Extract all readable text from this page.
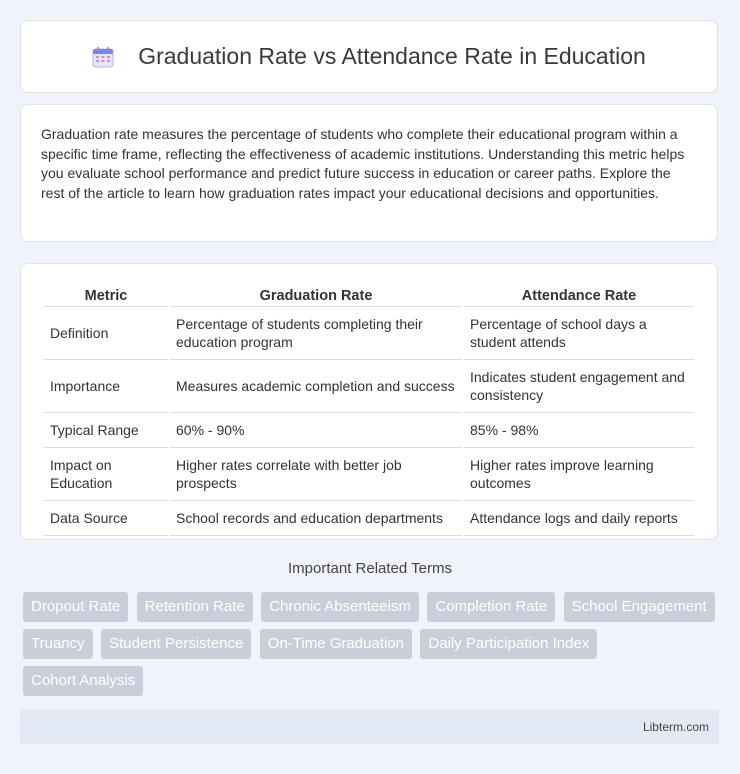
Graduation Rate vs Attendance Rate in Education

Graduation rate measures the percentage of students who complete their educational program within a specific time frame, reflecting the effectiveness of academic institutions. Understanding this metric helps you evaluate school performance and predict future success in education or career paths. Explore the rest of the article to learn how graduation rates impact your educational decisions and opportunities.

Metric	Graduation Rate	Attendance Rate
Definition	Percentage of students completing their education program	Percentage of school days a student attends
Importance	Measures academic completion and success	Indicates student engagement and consistency
Typical Range	60% - 90%	85% - 98%
Impact on Education	Higher rates correlate with better job prospects	Higher rates improve learning outcomes
Data Source	School records and education departments	Attendance logs and daily reports
Important Related Terms
Dropout Rate Retention Rate Chronic Absenteeism Completion Rate School Engagement Truancy Student Persistence On-Time Graduation Daily Participation Index Cohort Analysis
Libterm.com
